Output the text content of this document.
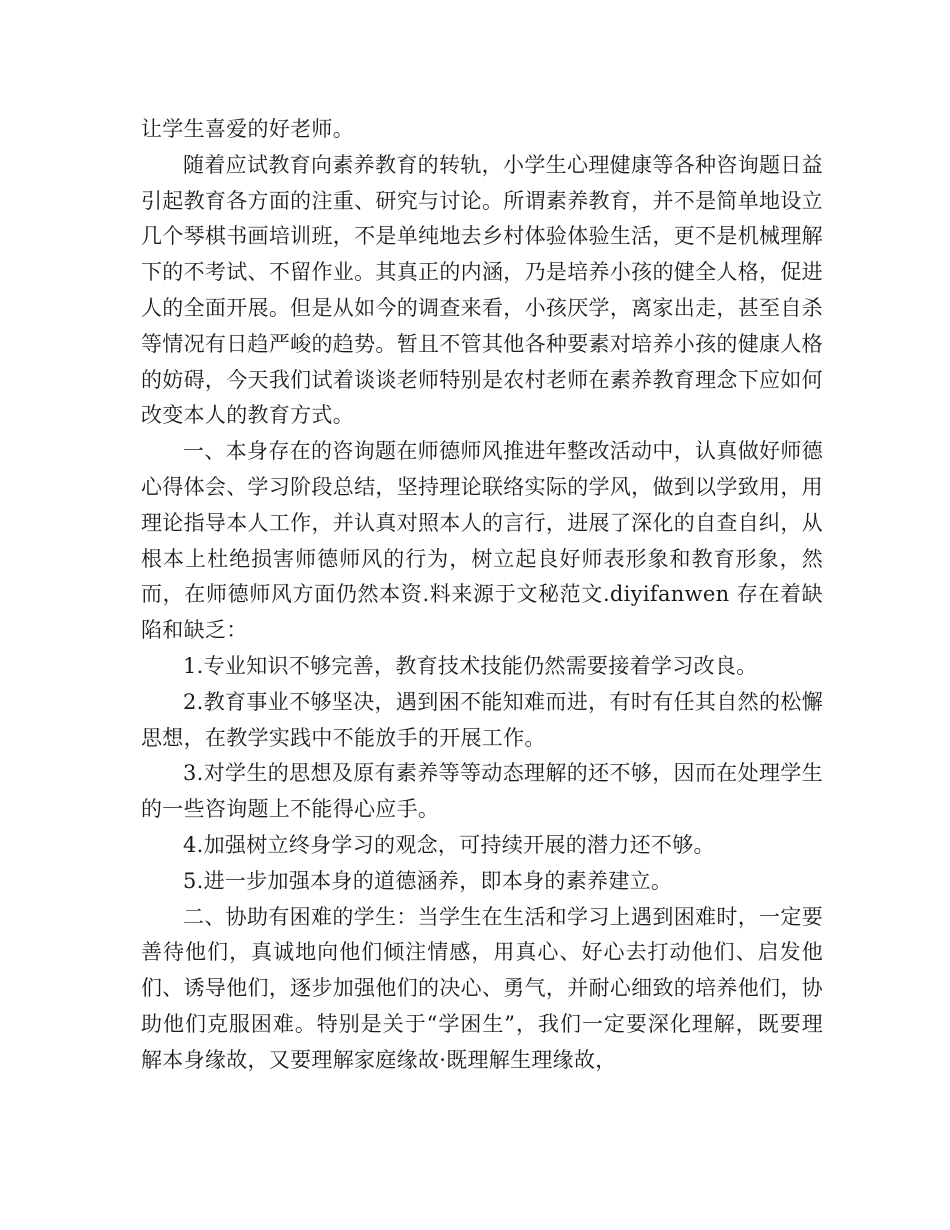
让学生喜爱的好老师。

随着应试教育向素养教育的转轨，小学生心理健康等各种咨询题日益引起教育各方面的注重、研究与讨论。所谓素养教育，并不是简单地设立几个琴棋书画培训班，不是单纯地去乡村体验体验生活，更不是机械理解下的不考试、不留作业。其真正的内涵，乃是培养小孩的健全人格，促进人的全面开展。但是从如今的调查来看，小孩厌学，离家出走，甚至自杀等情况有日趋严峻的趋势。暂且不管其他各种要素对培养小孩的健康人格的妨碍，今天我们试着谈谈老师特别是农村老师在素养教育理念下应如何改变本人的教育方式。

一、本身存在的咨询题在师德师风推进年整改活动中，认真做好师德心得体会、学习阶段总结，坚持理论联络实际的学风，做到以学致用，用理论指导本人工作，并认真对照本人的言行，进展了深化的自查自纠，从根本上杜绝损害师德师风的行为，树立起良好师表形象和教育形象，然而，在师德师风方面仍然本资.料来源于文秘范文.diyifanwen 存在着缺陷和缺乏：

1.专业知识不够完善，教育技术技能仍然需要接着学习改良。

2.教育事业不够坚决，遇到困不能知难而进，有时有任其自然的松懈思想，在教学实践中不能放手的开展工作。

3.对学生的思想及原有素养等等动态理解的还不够，因而在处理学生的一些咨询题上不能得心应手。

4.加强树立终身学习的观念，可持续开展的潜力还不够。

5.进一步加强本身的道德涵养，即本身的素养建立。

二、协助有困难的学生：当学生在生活和学习上遇到困难时，一定要善待他们，真诚地向他们倾注情感，用真心、好心去打动他们、启发他们、诱导他们，逐步加强他们的决心、勇气，并耐心细致的培养他们，协助他们克服困难。特别是关于“学困生”，我们一定要深化理解，既要理解本身缘故，又要理解家庭缘故·既理解生理缘故，
